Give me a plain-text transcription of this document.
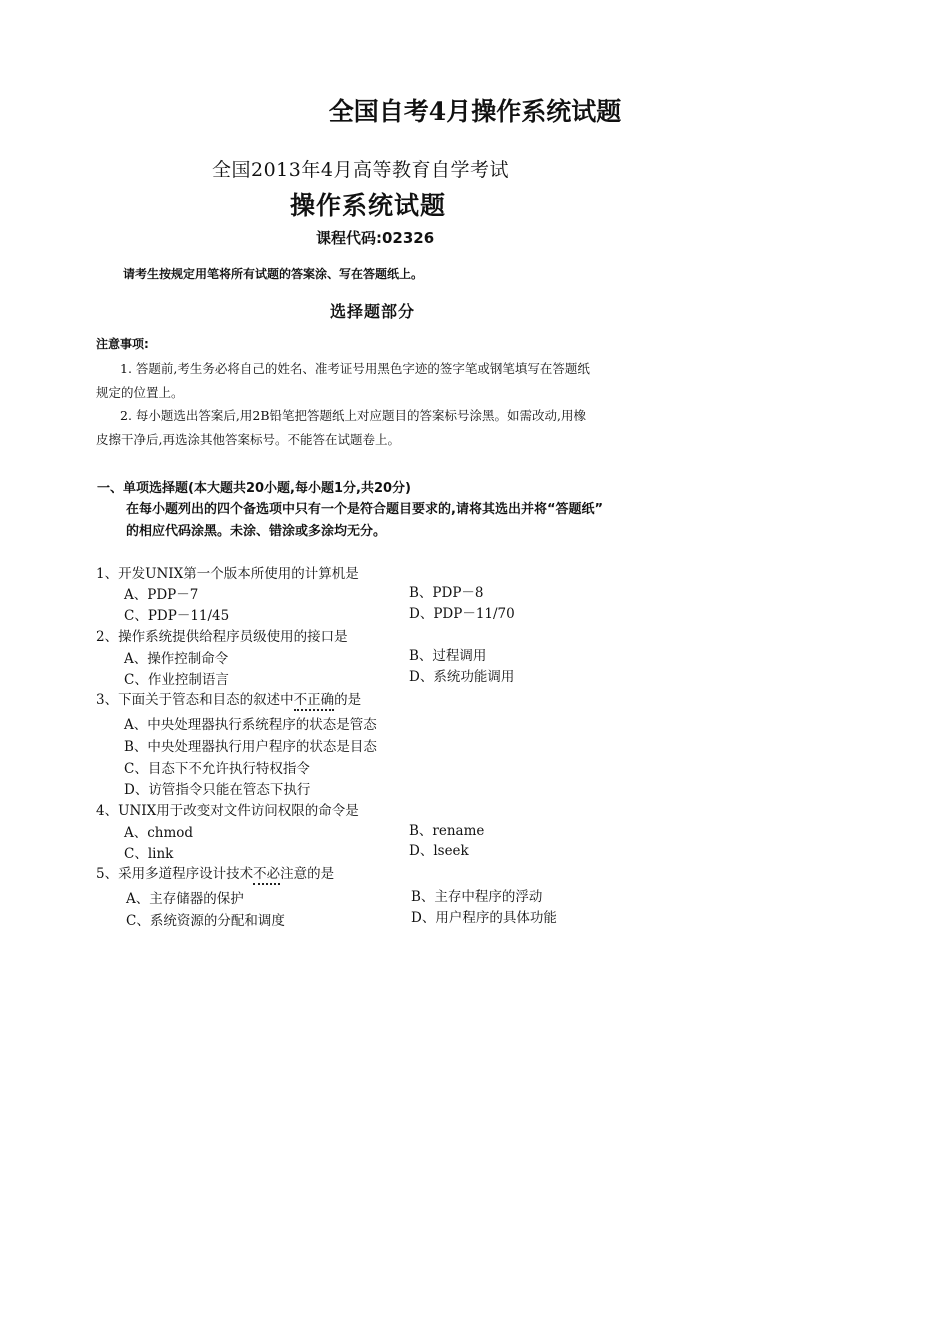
全国自考4月操作系统试题
全国2013年4月高等教育自学考试
操作系统试题
课程代码:02326
请考生按规定用笔将所有试题的答案涂、写在答题纸上。
选择题部分
注意事项:
1. 答题前,考生务必将自己的姓名、准考证号用黑色字迹的签字笔或钢笔填写在答题纸
规定的位置上。
2. 每小题选出答案后,用2B铅笔把答题纸上对应题目的答案标号涂黑。如需改动,用橡
皮擦干净后,再选涂其他答案标号。不能答在试题卷上。
一、单项选择题(本大题共20小题,每小题1分,共20分)
在每小题列出的四个备选项中只有一个是符合题目要求的,请将其选出并将“答题纸”
的相应代码涂黑。未涂、错涂或多涂均无分。
1、开发UNIX第一个版本所使用的计算机是
A、PDP－7	B、PDP－8
C、PDP－11/45	D、PDP－11/70
2、操作系统提供给程序员级使用的接口是
A、操作控制命令	B、过程调用
C、作业控制语言	D、系统功能调用
3、下面关于管态和目态的叙述中不正确的是
A、中央处理器执行系统程序的状态是管态
B、中央处理器执行用户程序的状态是目态
C、目态下不允许执行特权指令
D、访管指令只能在管态下执行
4、UNIX用于改变对文件访问权限的命令是
A、chmod	B、rename
C、link	D、lseek
5、采用多道程序设计技术不必注意的是
A、主存储器的保护	B、主存中程序的浮动
C、系统资源的分配和调度	D、用户程序的具体功能
